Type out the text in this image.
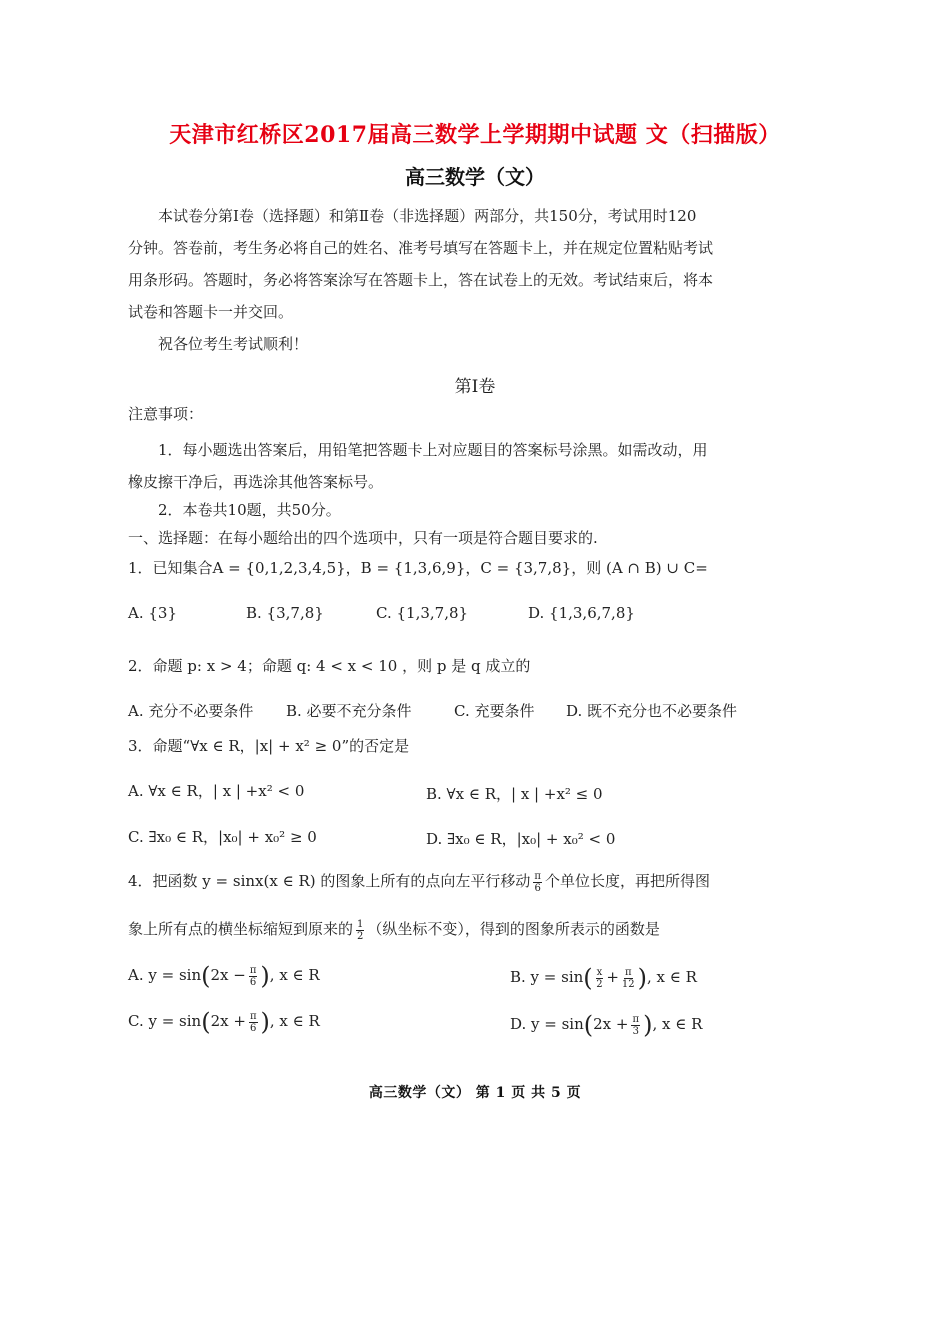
天津市红桥区2017届高三数学上学期期中试题 文（扫描版）
高三数学（文）
本试卷分第Ⅰ卷（选择题）和第Ⅱ卷（非选择题）两部分，共150分，考试用时120
分钟。答卷前，考生务必将自己的姓名、准考号填写在答题卡上，并在规定位置粘贴考试
用条形码。答题时，务必将答案涂写在答题卡上，答在试卷上的无效。考试结束后，将本
试卷和答题卡一并交回。
祝各位考生考试顺利！
第Ⅰ卷
注意事项：
1．每小题选出答案后，用铅笔把答题卡上对应题目的答案标号涂黑。如需改动，用
橡皮擦干净后，再选涂其他答案标号。
2．本卷共10题，共50分。
一、选择题：在每小题给出的四个选项中，只有一项是符合题目要求的.
1．已知集合A = {0,1,2,3,4,5}，B = {1,3,6,9}，C = {3,7,8}，则 (A ∩ B) ∪ C=
A. {3}	B. {3,7,8}	C. {1,3,7,8}	D. {1,3,6,7,8}
2．命题 p: x > 4；命题 q: 4 < x < 10 ，则 p 是 q 成立的
A. 充分不必要条件 B. 必要不充分条件	C. 充要条件 D. 既不充分也不必要条件
3．命题“∀x ∈ R，|x| + x² ≥ 0”的否定是
A. ∀x ∈ R，| x | +x² < 0	B. ∀x ∈ R，| x | +x² ≤ 0
C. ∃x₀ ∈ R，|x₀| + x₀² ≥ 0	D. ∃x₀ ∈ R，|x₀| + x₀² < 0
4．把函数 y = sinx(x ∈ R) 的图象上所有的点向左平行移动 $\frac{\pi}{6}$ 个单位长度，再把所得图
象上所有点的横坐标缩短到原来的 $\frac{1}{2}$ （纵坐标不变），得到的图象所表示的函数是
A. $y = \sin(2x - \frac{\pi}{6}$ ), x ∈ R	B. $y = \sin( \frac{x}{2} + \frac{\pi}{12}$ ), x ∈ R
C. $y = \sin(2x + \frac{\pi}{6}$ ), x ∈ R	D. $y = \sin(2x + \frac{\pi}{3}$ ), x ∈ R
高三数学（文） 第 1 页 共 5 页
